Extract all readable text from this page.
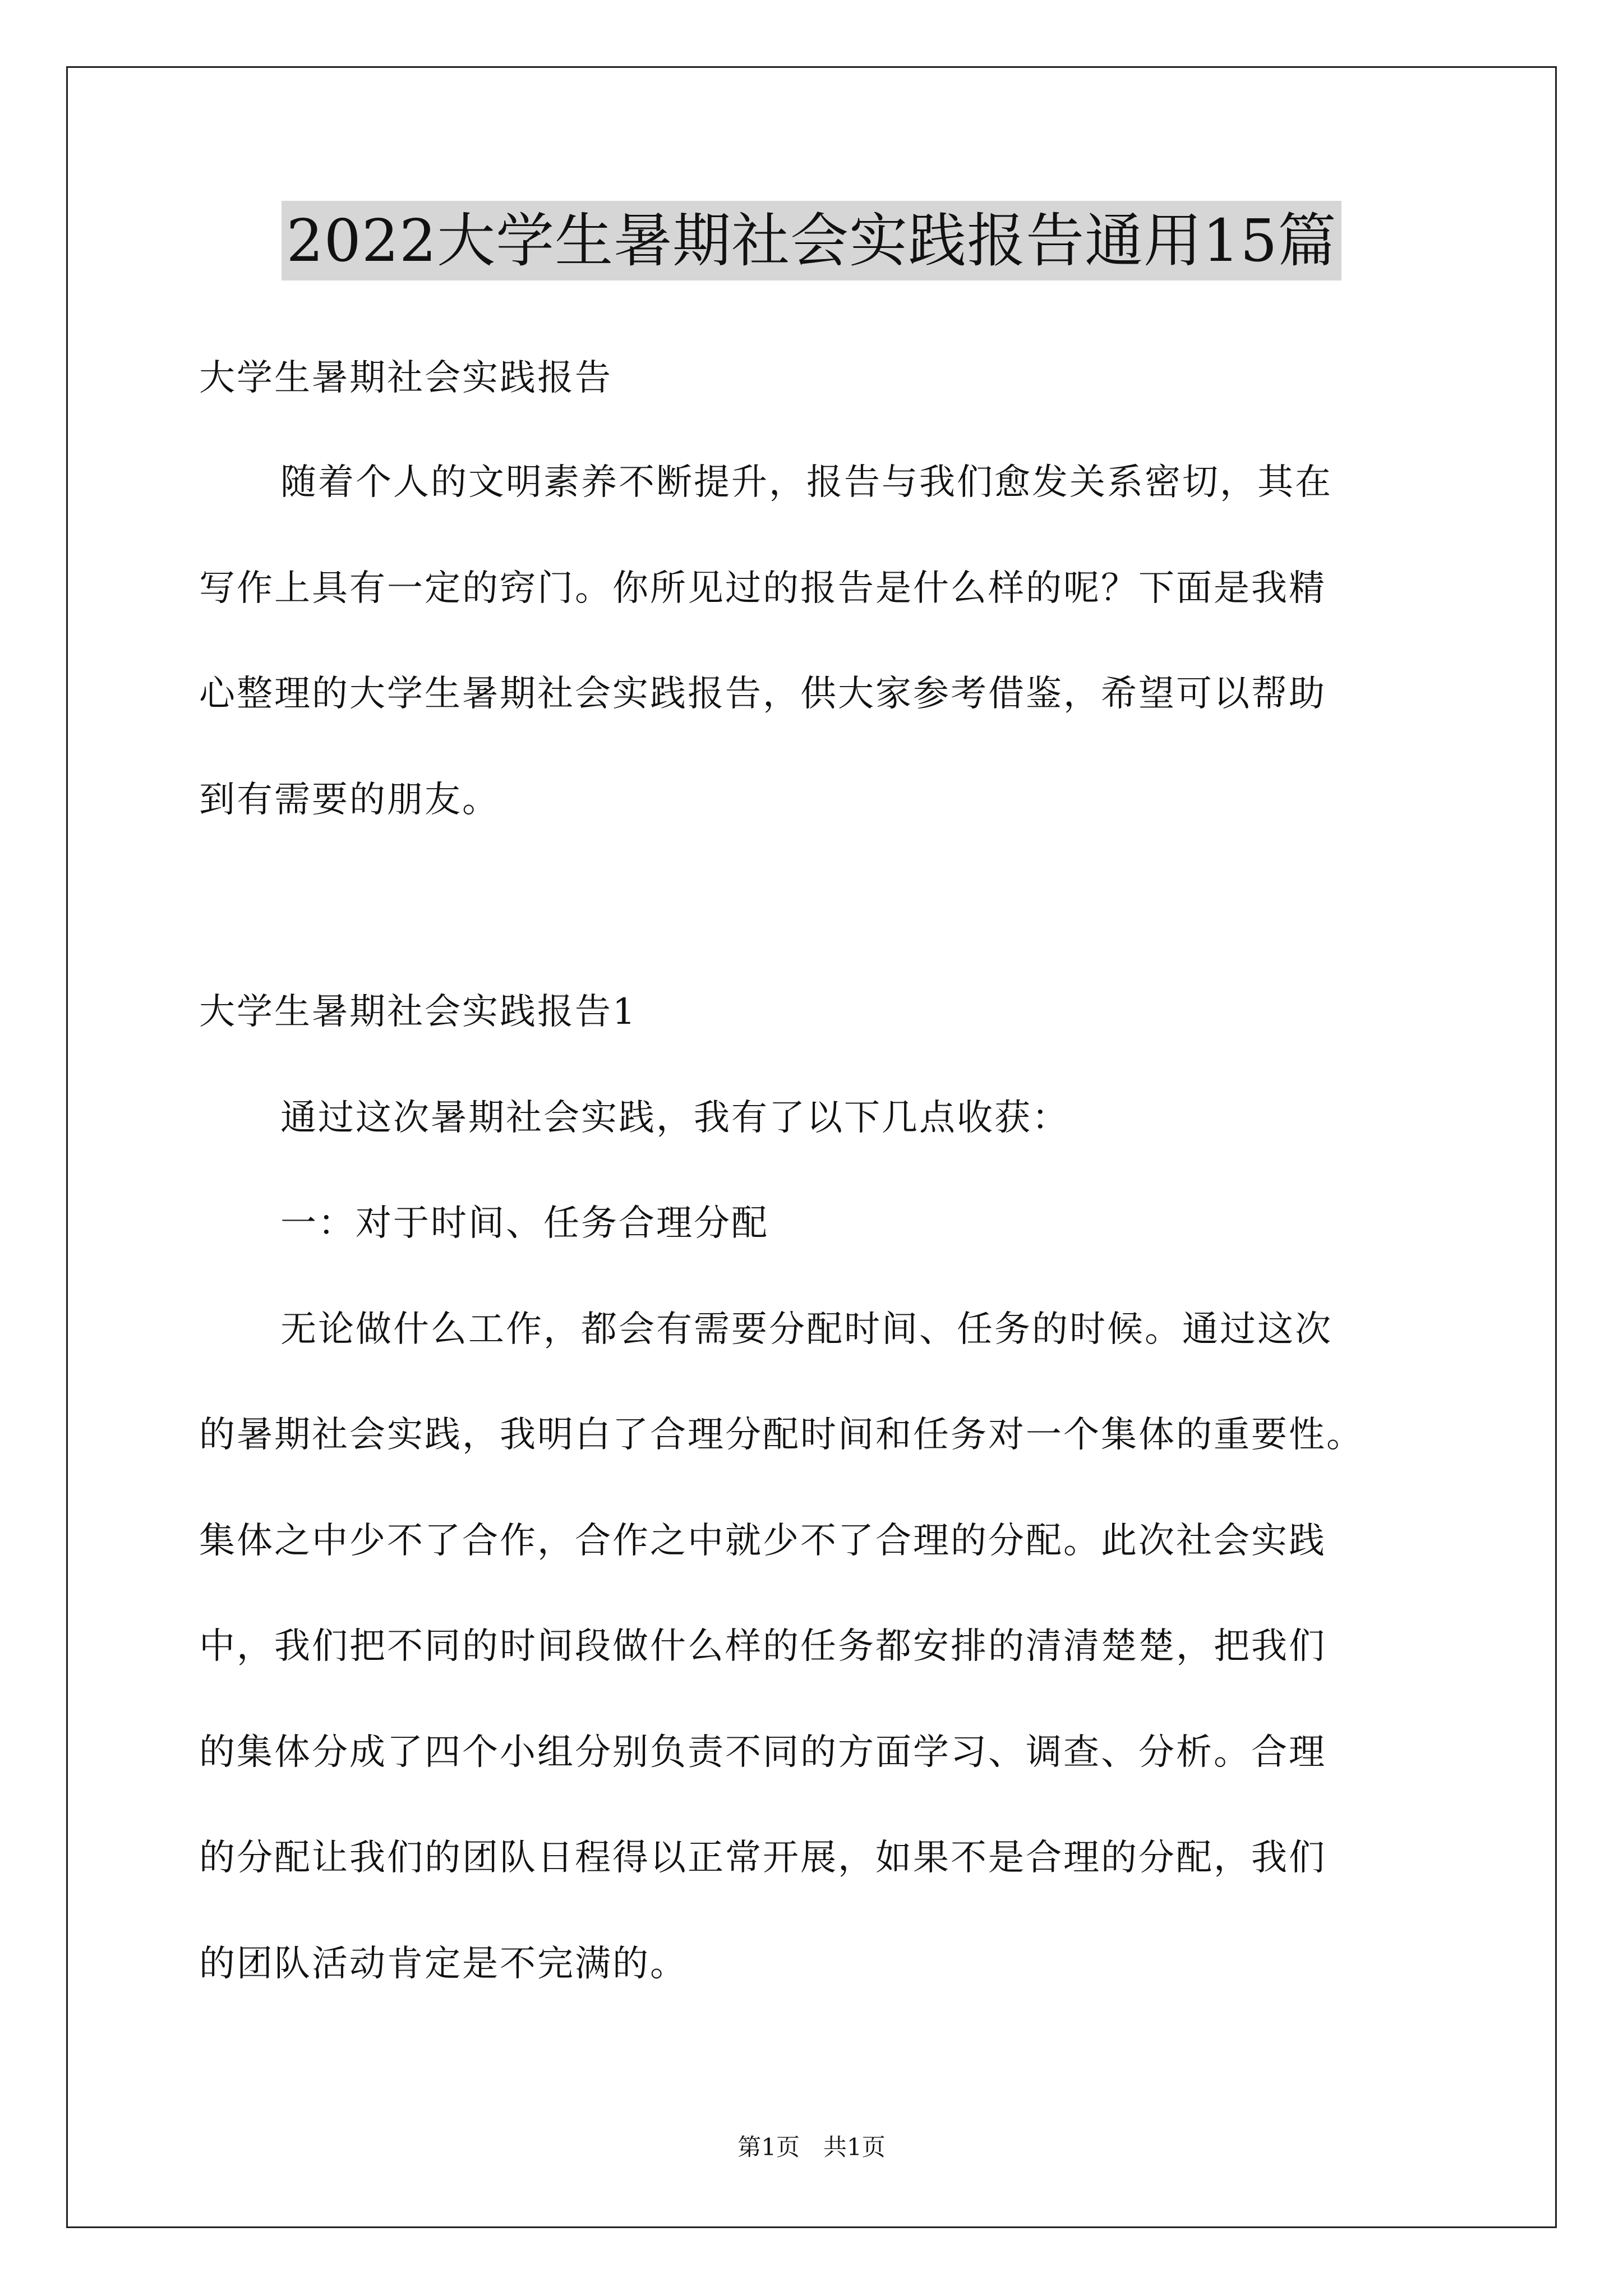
2022大学生暑期社会实践报告通用15篇
大学生暑期社会实践报告
随着个人的文明素养不断提升，报告与我们愈发关系密切，其在
写作上具有一定的窍门。你所见过的报告是什么样的呢？下面是我精
心整理的大学生暑期社会实践报告，供大家参考借鉴，希望可以帮助
到有需要的朋友。
大学生暑期社会实践报告1
通过这次暑期社会实践，我有了以下几点收获：
一：对于时间、任务合理分配
无论做什么工作，都会有需要分配时间、任务的时候。通过这次
的暑期社会实践，我明白了合理分配时间和任务对一个集体的重要性。
集体之中少不了合作，合作之中就少不了合理的分配。此次社会实践
中，我们把不同的时间段做什么样的任务都安排的清清楚楚，把我们
的集体分成了四个小组分别负责不同的方面学习、调查、分析。合理
的分配让我们的团队日程得以正常开展，如果不是合理的分配，我们
的团队活动肯定是不完满的。
第1页　共1页
